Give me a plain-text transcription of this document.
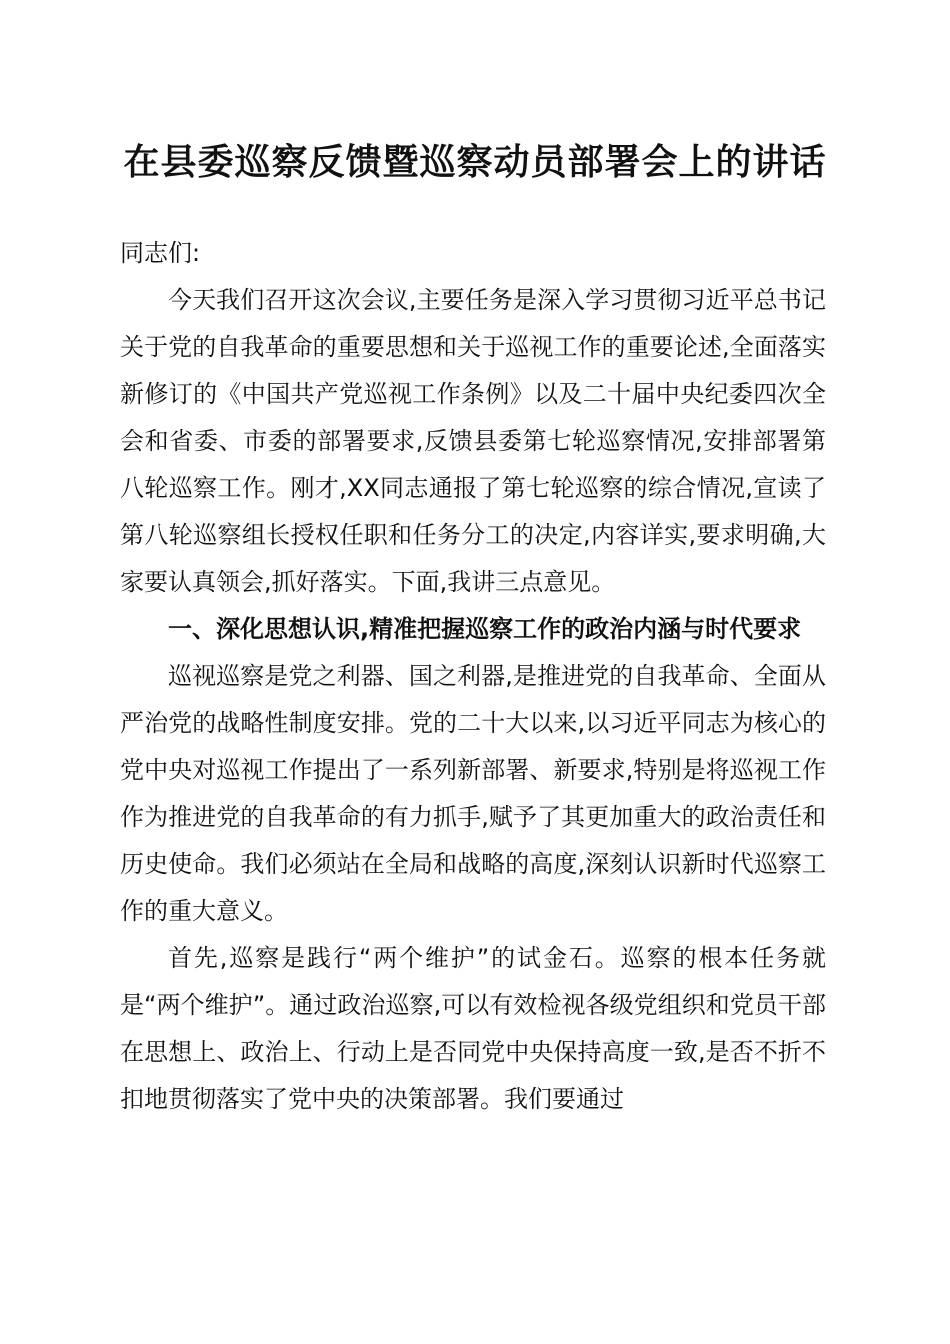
在县委巡察反馈暨巡察动员部署会上的讲话

同志们:

今天我们召开这次会议,主要任务是深入学习贯彻习近平总书记关于党的自我革命的重要思想和关于巡视工作的重要论述,全面落实新修订的《中国共产党巡视工作条例》以及二十届中央纪委四次全会和省委、市委的部署要求,反馈县委第七轮巡察情况,安排部署第八轮巡察工作。刚才,XX同志通报了第七轮巡察的综合情况,宣读了第八轮巡察组长授权任职和任务分工的决定,内容详实,要求明确,大家要认真领会,抓好落实。下面,我讲三点意见。

一、深化思想认识,精准把握巡察工作的政治内涵与时代要求

巡视巡察是党之利器、国之利器,是推进党的自我革命、全面从严治党的战略性制度安排。党的二十大以来,以习近平同志为核心的党中央对巡视工作提出了一系列新部署、新要求,特别是将巡视工作作为推进党的自我革命的有力抓手,赋予了其更加重大的政治责任和历史使命。我们必须站在全局和战略的高度,深刻认识新时代巡察工作的重大意义。

首先,巡察是践行“两个维护”的试金石。巡察的根本任务就是“两个维护”。通过政治巡察,可以有效检视各级党组织和党员干部在思想上、政治上、行动上是否同党中央保持高度一致,是否不折不扣地贯彻落实了党中央的决策部署。我们要通过
